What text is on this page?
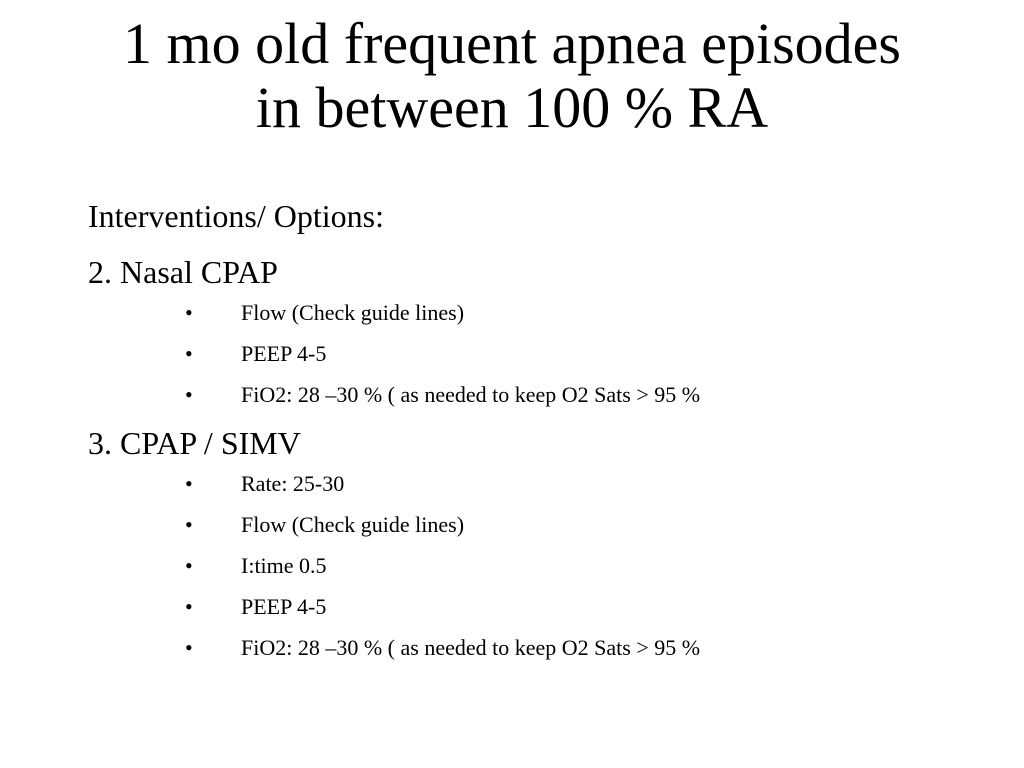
1 mo old frequent apnea episodes
in between 100 % RA

Interventions/ Options:

2. Nasal CPAP

• Flow (Check guide lines)
• PEEP 4-5
• FiO2: 28 –30 % ( as needed to keep O2 Sats > 95 %

3. CPAP / SIMV

• Rate: 25-30
• Flow (Check guide lines)
• I:time 0.5
• PEEP 4-5
• FiO2: 28 –30 % ( as needed to keep O2 Sats > 95 %
